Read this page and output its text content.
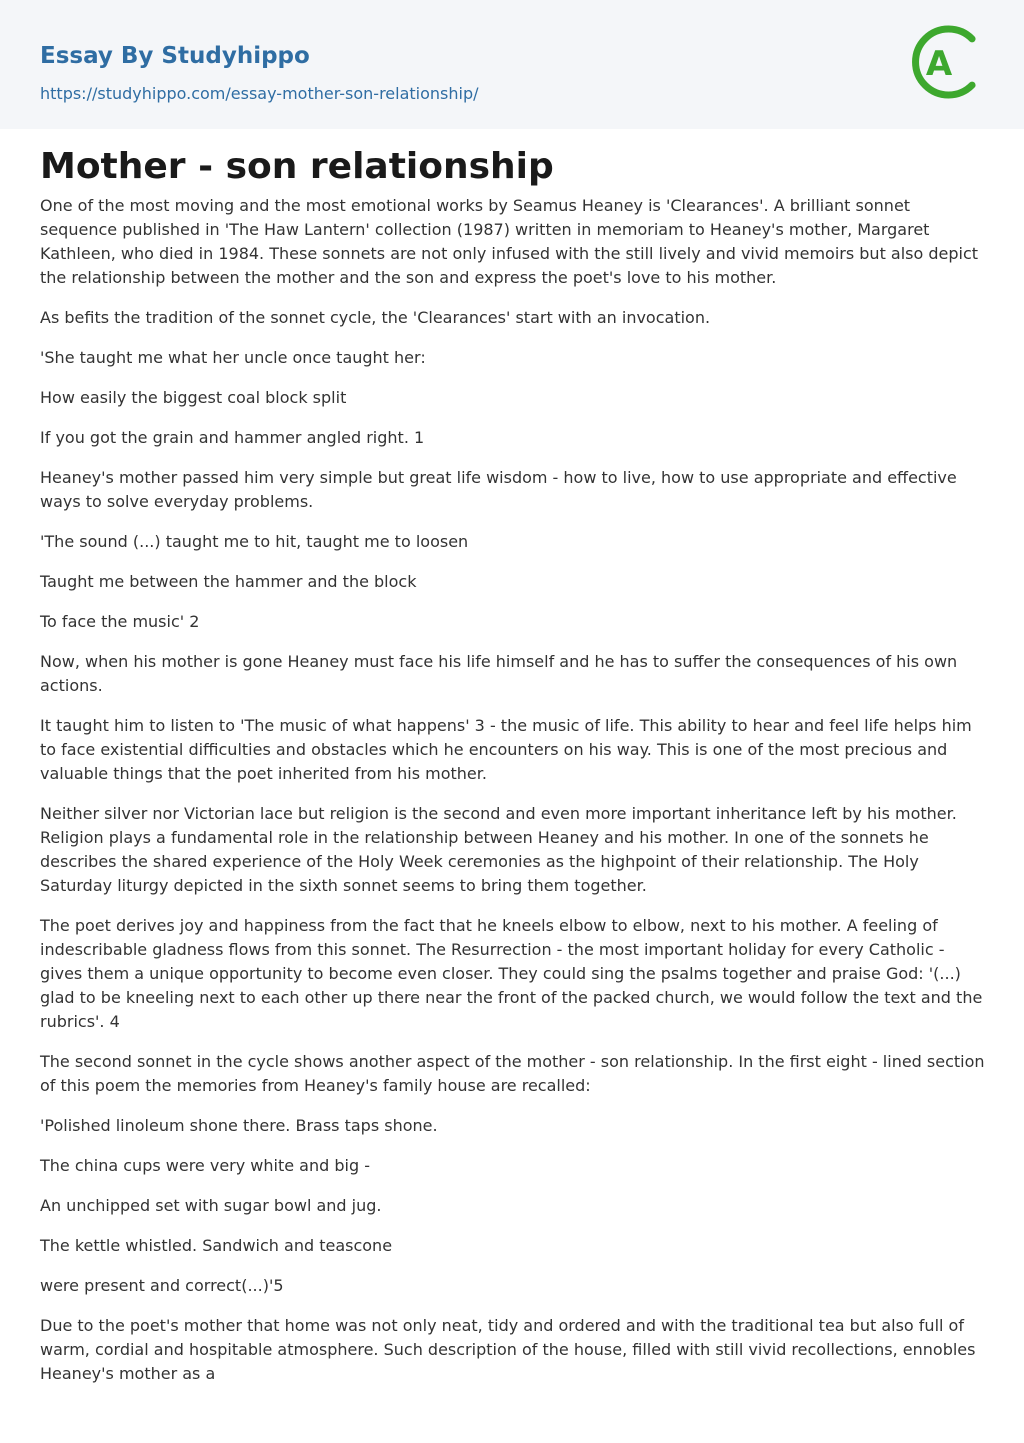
Essay By Studyhippo
https://studyhippo.com/essay-mother-son-relationship/
A
Mother - son relationship

One of the most moving and the most emotional works by Seamus Heaney is 'Clearances'. A brilliant sonnet sequence published in 'The Haw Lantern' collection (1987) written in memoriam to Heaney's mother, Margaret Kathleen, who died in 1984. These sonnets are not only infused with the still lively and vivid memoirs but also depict the relationship between the mother and the son and express the poet's love to his mother.

As befits the tradition of the sonnet cycle, the 'Clearances' start with an invocation.

'She taught me what her uncle once taught her:

How easily the biggest coal block split

If you got the grain and hammer angled right. 1

Heaney's mother passed him very simple but great life wisdom - how to live, how to use appropriate and effective ways to solve everyday problems.

'The sound (...) taught me to hit, taught me to loosen

Taught me between the hammer and the block

To face the music' 2

Now, when his mother is gone Heaney must face his life himself and he has to suffer the consequences of his own actions.

It taught him to listen to 'The music of what happens' 3 - the music of life. This ability to hear and feel life helps him to face existential difficulties and obstacles which he encounters on his way. This is one of the most precious and valuable things that the poet inherited from his mother.

Neither silver nor Victorian lace but religion is the second and even more important inheritance left by his mother. Religion plays a fundamental role in the relationship between Heaney and his mother. In one of the sonnets he describes the shared experience of the Holy Week ceremonies as the highpoint of their relationship. The Holy Saturday liturgy depicted in the sixth sonnet seems to bring them together.

The poet derives joy and happiness from the fact that he kneels elbow to elbow, next to his mother. A feeling of indescribable gladness flows from this sonnet. The Resurrection - the most important holiday for every Catholic - gives them a unique opportunity to become even closer. They could sing the psalms together and praise God: '(...) glad to be kneeling next to each other up there near the front of the packed church, we would follow the text and the rubrics'. 4

The second sonnet in the cycle shows another aspect of the mother - son relationship. In the first eight - lined section of this poem the memories from Heaney's family house are recalled:

'Polished linoleum shone there. Brass taps shone.

The china cups were very white and big -

An unchipped set with sugar bowl and jug.

The kettle whistled. Sandwich and teascone

were present and correct(...)'5

Due to the poet's mother that home was not only neat, tidy and ordered and with the traditional tea but also full of warm, cordial and hospitable atmosphere. Such description of the house, filled with still vivid recollections, ennobles Heaney's mother as a
